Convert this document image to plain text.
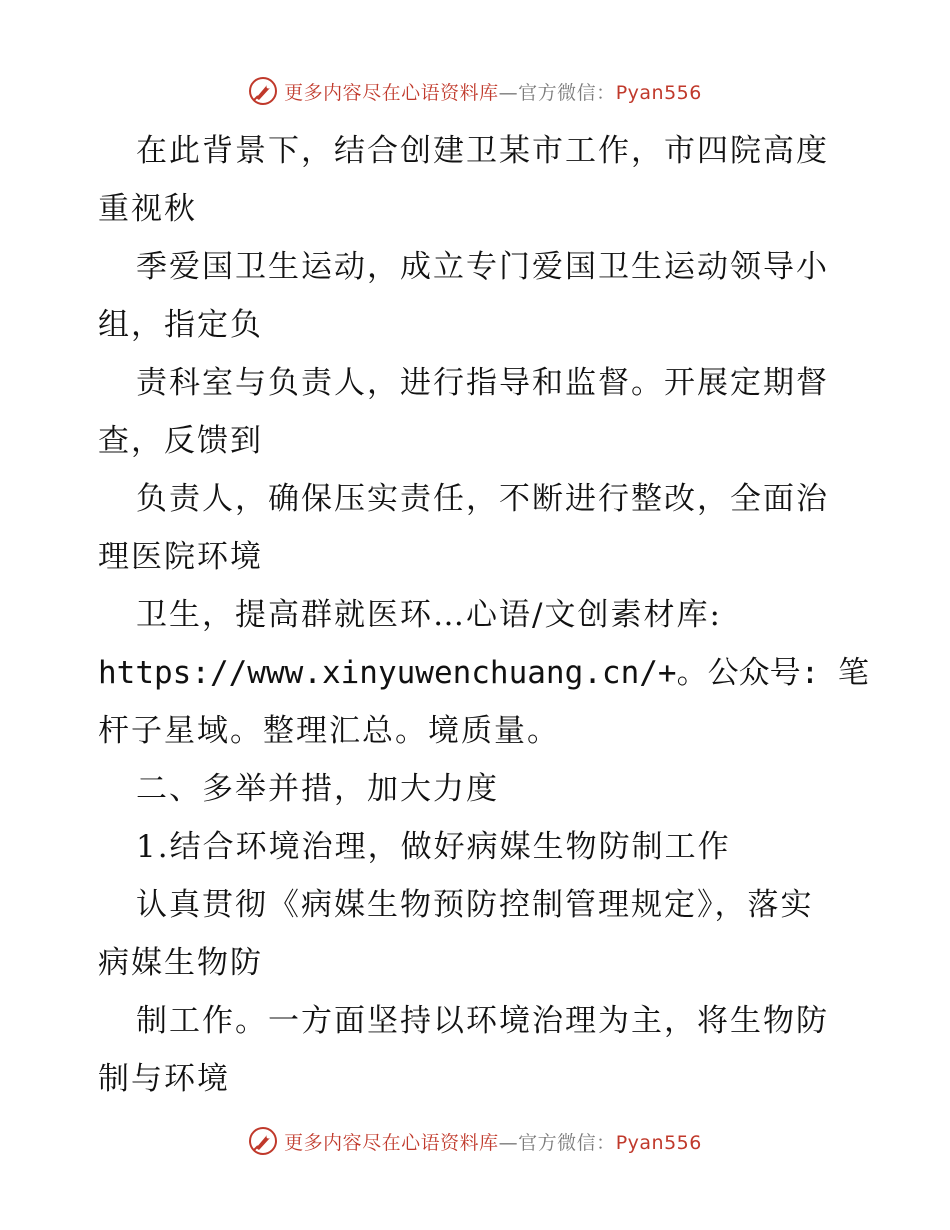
更多内容尽在心语资料库—官方微信：Pyan556
在此背景下，结合创建卫某市工作，市四院高度
重视秋
季爱国卫生运动，成立专门爱国卫生运动领导小
组，指定负
责科室与负责人，进行指导和监督。开展定期督
查，反馈到
负责人，确保压实责任，不断进行整改，全面治
理医院环境
卫生，提高群就医环…心语/文创素材库:
https://www.xinyuwenchuang.cn/+。公众号: 笔
杆子星域。整理汇总。境质量。
二、多举并措，加大力度
1.结合环境治理，做好病媒生物防制工作
认真贯彻《病媒生物预防控制管理规定》，落实
病媒生物防
制工作。一方面坚持以环境治理为主，将生物防
制与环境
更多内容尽在心语资料库—官方微信：Pyan556
